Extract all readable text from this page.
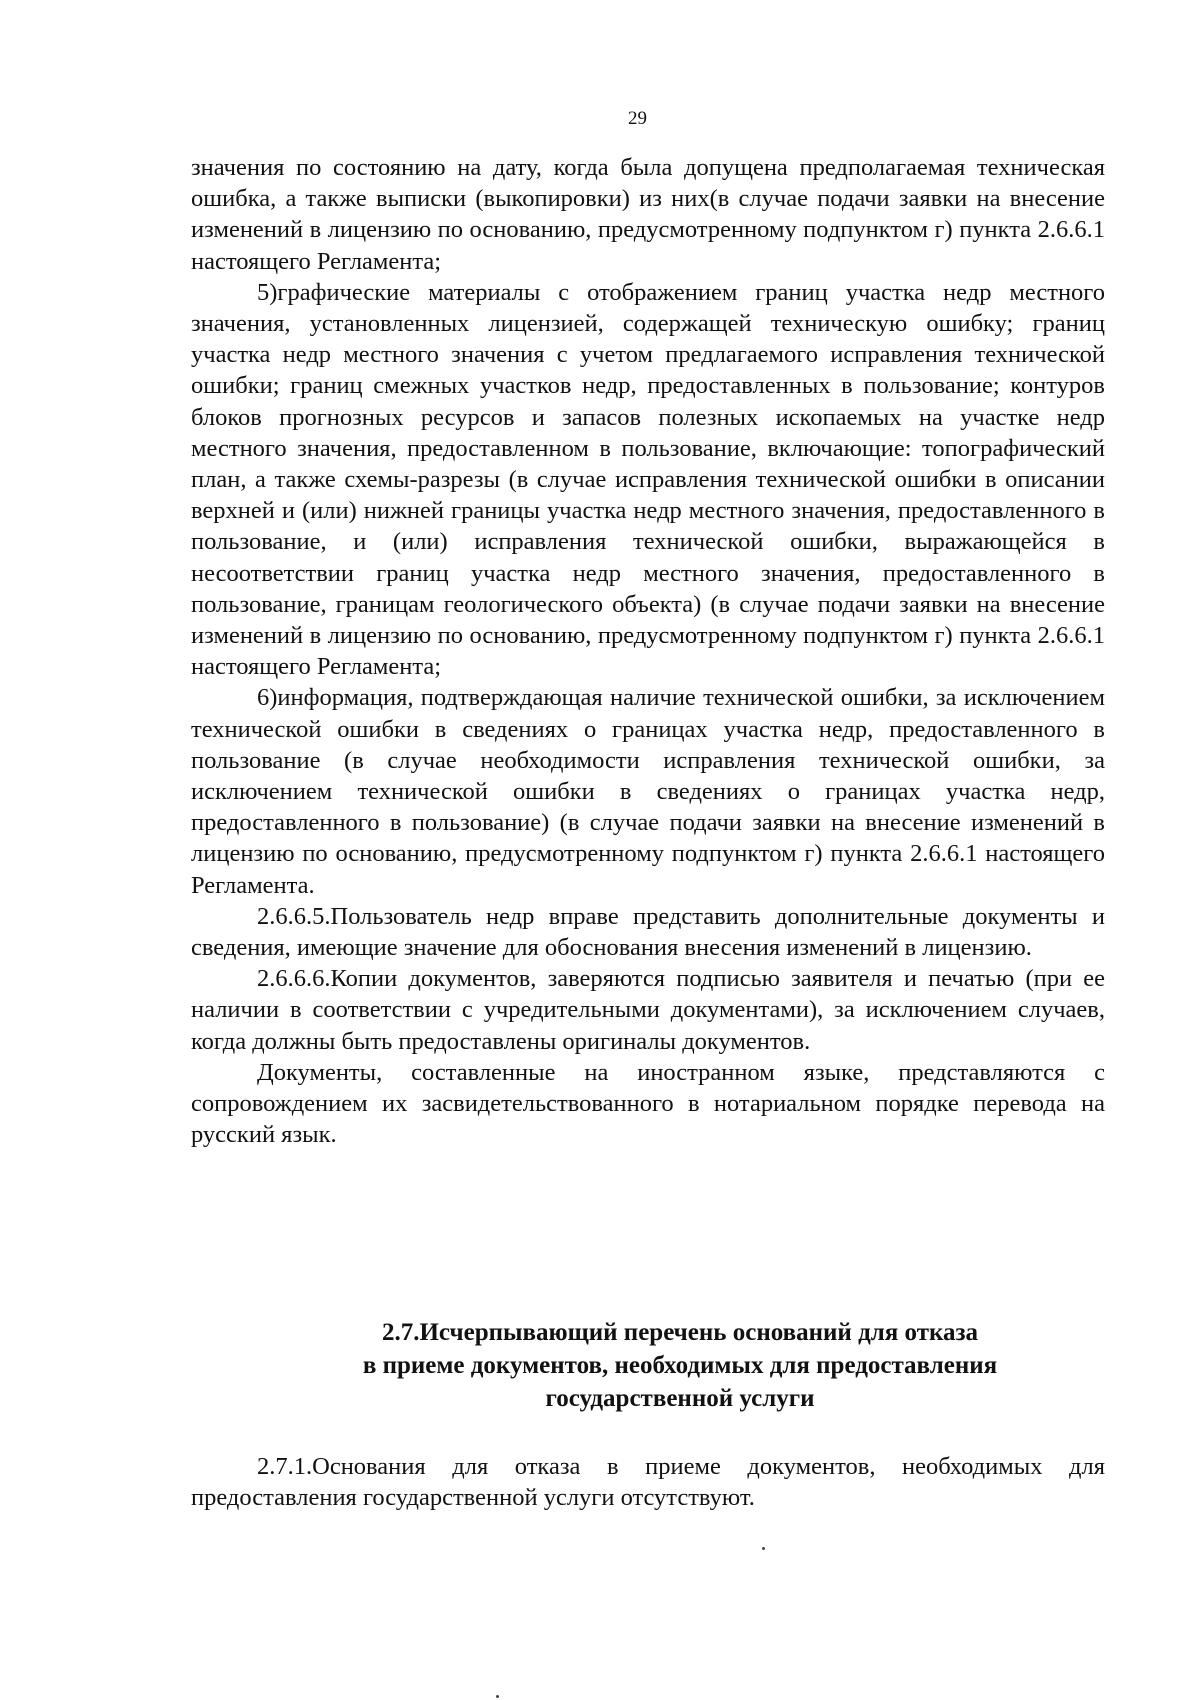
29

значения по состоянию на дату, когда была допущена предполагаемая техническая ошибка, а также выписки (выкопировки) из них(в случае подачи заявки на внесение изменений в лицензию по основанию, предусмотренному подпунктом г) пункта 2.6.6.1 настоящего Регламента;

5)графические материалы с отображением границ участка недр местного значения, установленных лицензией, содержащей техническую ошибку; границ участка недр местного значения с учетом предлагаемого исправления технической ошибки; границ смежных участков недр, предоставленных в пользование; контуров блоков прогнозных ресурсов и запасов полезных ископаемых на участке недр местного значения, предоставленном в пользование, включающие: топографический план, а также схемы-разрезы (в случае исправления технической ошибки в описании верхней и (или) нижней границы участка недр местного значения, предоставленного в пользование, и (или) исправления технической ошибки, выражающейся в несоответствии границ участка недр местного значения, предоставленного в пользование, границам геологического объекта) (в случае подачи заявки на внесение изменений в лицензию по основанию, предусмотренному подпунктом г) пункта 2.6.6.1 настоящего Регламента;

6)информация, подтверждающая наличие технической ошибки, за исключением технической ошибки в сведениях о границах участка недр, предоставленного в пользование (в случае необходимости исправления технической ошибки, за исключением технической ошибки в сведениях о границах участка недр, предоставленного в пользование) (в случае подачи заявки на внесение изменений в лицензию по основанию, предусмотренному подпунктом г) пункта 2.6.6.1 настоящего Регламента.

2.6.6.5.Пользователь недр вправе представить дополнительные документы и сведения, имеющие значение для обоснования внесения изменений в лицензию.

2.6.6.6.Копии документов, заверяются подписью заявителя и печатью (при ее наличии в соответствии с учредительными документами), за исключением случаев, когда должны быть предоставлены оригиналы документов.

Документы, составленные на иностранном языке, представляются с сопровождением их засвидетельствованного в нотариальном порядке перевода на русский язык.

2.7.Исчерпывающий перечень оснований для отказа
в приеме документов, необходимых для предоставления
государственной услуги

2.7.1.Основания для отказа в приеме документов, необходимых для предоставления государственной услуги отсутствуют.
